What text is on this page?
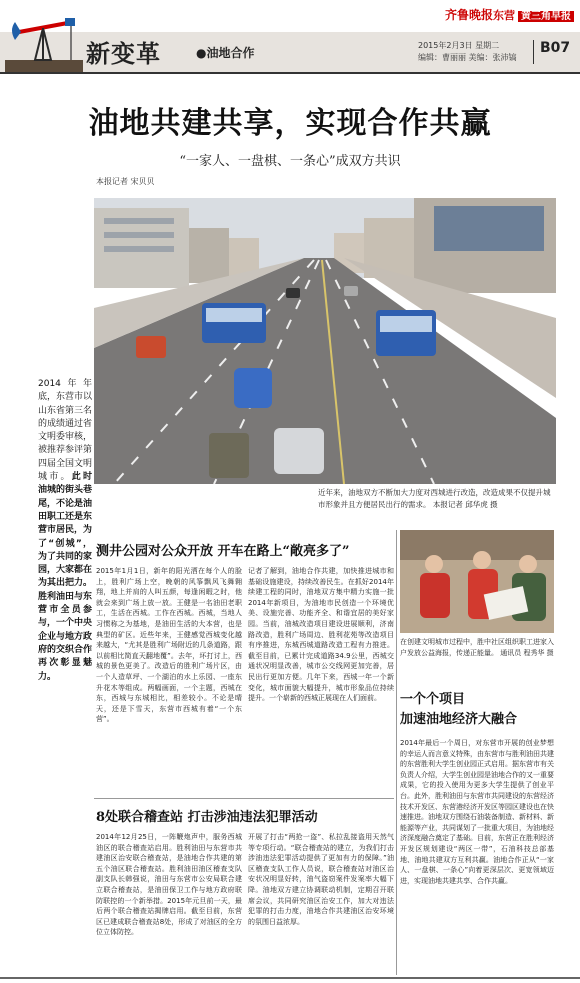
齐鲁晚报东营 黄三角早报
新变革	●油地合作
2015年2月3日 星期二
编辑：曹丽丽 美编：张沛镐
B07
油地共建共享，实现合作共赢
“一家人、一盘棋、一条心”成双方共识
本报记者 宋贝贝
近年来，油地双方不断加大力度对西城进行改造，改造成果不仅提升城市形象并且方便居民出行的需求。 本报记者 邱华虎 摄
2014年年底，东营市以山东省第三名的成绩通过省文明委审核，被推荐参评第四届全国文明城市。此时油城的街头巷尾，不论是油田职工还是东营市居民，为了“创城”，为了共同的家园，大家都在为其出把力。胜利油田与东营市全员参与，一个中央企业与地方政府的交织合作再次彰显魅力。
测井公园对公众开放 开车在路上“敞亮多了”
2015年1月1日，新年的阳光洒在每个人的脸上，胜利广场上空，晚朝的风筝飘风飞舞翱翔，地上并肩的人叫五颜，每逢闲暇之时，他就会来到广场上放一放。王健是一名油田老职工，生活在西城。工作在西城。西城，当地人习惯称之为基地，是油田生活的大本营，也是典型的矿区。近些年来，王健感觉西城变化越来越大，“尤其是胜利广场附近的几条道路，跟以前相比简直天翻地覆”。去年，坏打讨上，西城的景色更美了。改造后的胜利广场片区，由一个人造草坪、一个湖泊的水上乐园、一座东升花木等组成。两幅画面，一个主题，西城在东，西城与东城相比，相差较小。不论是晴天，还是下雪天，东营市西城有着“一个东营”。
记者了解到，油地合作共建，加快推进城市和基础设施建设，持续改善民生。在抓好2014年续建工程的同时，油地双方集中精力实施一批2014年新项目，为油地市民创造一个环境优美、设施完善、功能齐全、和谐宜居的美好家园。当前，油城改造项目建设进展顺利，济南路改造，胜利广场周边、胜利花苑等改造项目有序推进，东城西城道路改造工程有力推进。截至目前，已累计完成道路34.9公里，西城交通状况明显改善，城市公交线网更加完善，居民出行更加方便。几年下来，西城一年一个新变化，城市面貌大幅提升，城市形象品位持续提升。一个崭新的西城正展现在人们面前。
8处联合稽查站 打击涉油违法犯罪活动
2014年12月25日，一阵鞭炮声中，服务西城油区的联合稽查站启用。胜利油田与东营市共建油区治安联合稽查站，是油地合作共建的第五个油区联合稽查站。胜利油田油区稽查支队副支队长韩强说，油田与东营市公安局联合建立联合稽查站，是油田保卫工作与地方政府联防联控的一个新举措。2015年元旦前一天，最后两个联合稽查站揭牌启用。截至目前，东营区已建成联合稽查站8处，形成了对油区的全方位立体防控。
开展了打击“两抢一盗”、私拉乱接盗用天然气等专项行动。“联合稽查站的建立，为我们打击涉油违法犯罪活动提供了更加有力的保障。”油区稽查支队工作人员说，联合稽查站对油区治安状况明显好转，油气盗窃案件发案率大幅下降。油地双方建立协调联动机制，定期召开联席会议，共同研究油区治安工作，加大对违法犯罪的打击力度，油地合作共建油区治安环境的氛围日益浓厚。
在创建文明城市过程中，胜中社区组织职工进家入户发放公益海报，传递正能量。 通讯员 程秀华 摄
一个个项目
加速油地经济大融合
2014年最后一个周日，对东营市开展的创业梦想的幸运人而言意义特殊，由东营市与胜利油田共建的东营胜利大学生创业园正式启用。据东营市有关负责人介绍，大学生创业园是油地合作的又一重要成果，它的投入使用为更多大学生提供了创业平台。此外，胜利油田与东营市共同建设的东营经济技术开发区、东营港经济开发区等园区建设也在快速推进。油地双方围绕石油装备制造、新材料、新能源等产业，共同谋划了一批重大项目，为油地经济深度融合奠定了基础。目前，东营正在胜利经济开发区规划建设“两区一带”，石油科技总部基地、油地共建双方互利共赢。油地合作正从“一家人、一盘棋、一条心”向着更深层次、更宽领域迈进，实现油地共建共享、合作共赢。
